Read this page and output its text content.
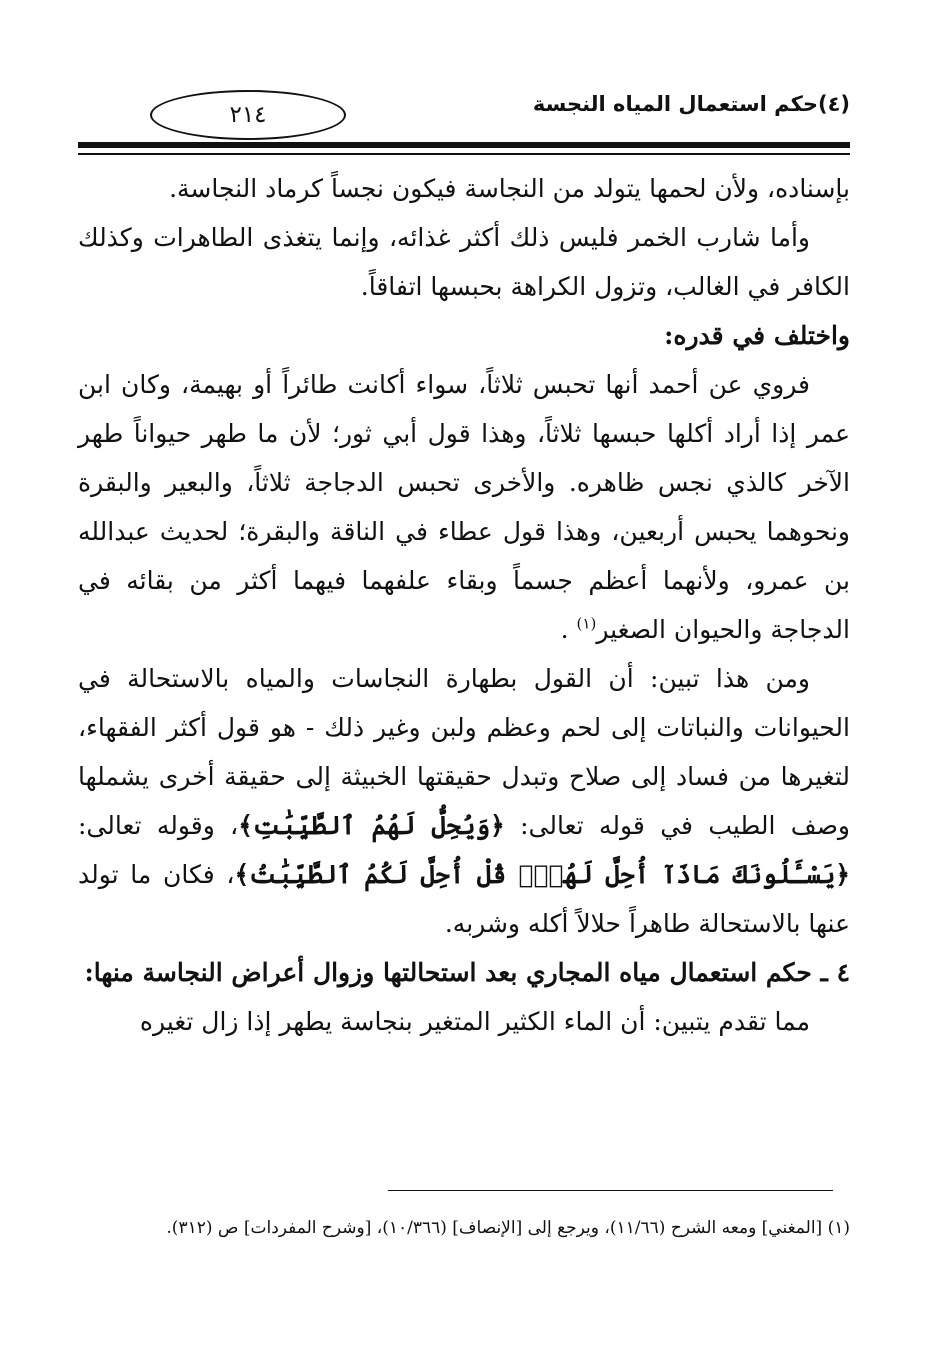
(٤)حكم استعمال المياه النجسة
٢١٤

بإسناده، ولأن لحمها يتولد من النجاسة فيكون نجساً كرماد النجاسة.

وأما شارب الخمر فليس ذلك أكثر غذائه، وإنما يتغذى الطاهرات وكذلك الكافر في الغالب، وتزول الكراهة بحبسها اتفاقاً.

واختلف في قدره:

فروي عن أحمد أنها تحبس ثلاثاً، سواء أكانت طائراً أو بهيمة، وكان ابن عمر إذا أراد أكلها حبسها ثلاثاً، وهذا قول أبي ثور؛ لأن ما طهر حيواناً طهر الآخر كالذي نجس ظاهره. والأخرى تحبس الدجاجة ثلاثاً، والبعير والبقرة ونحوهما يحبس أربعين، وهذا قول عطاء في الناقة والبقرة؛ لحديث عبدالله بن عمرو، ولأنهما أعظم جسماً وبقاء علفهما فيهما أكثر من بقائه في الدجاجة والحيوان الصغير$^{(١)}$ .

ومن هذا تبين: أن القول بطهارة النجاسات والمياه بالاستحالة في الحيوانات والنباتات إلى لحم وعظم ولبن وغير ذلك - هو قول أكثر الفقهاء، لتغيرها من فساد إلى صلاح وتبدل حقيقتها الخبيثة إلى حقيقة أخرى يشملها وصف الطيب في قوله تعالى: ﴿وَيُحِلُّ لَهُمُ ٱلطَّيِّبَٰتِ﴾، وقوله تعالى: ﴿يَسْـَٔلُونَكَ مَاذَآ أُحِلَّ لَهُمْۖ قُلْ أُحِلَّ لَكُمُ ٱلطَّيِّبَٰتُ﴾، فكان ما تولد عنها بالاستحالة طاهراً حلالاً أكله وشربه.

٤ ـ حكم استعمال مياه المجاري بعد استحالتها وزوال أعراض النجاسة منها:

مما تقدم يتبين: أن الماء الكثير المتغير بنجاسة يطهر إذا زال تغيره

(١) [المغني] ومعه الشرح (١١/٦٦)، ويرجع إلى [الإنصاف] (١٠/٣٦٦)، [وشرح المفردات] ص (٣١٢).
